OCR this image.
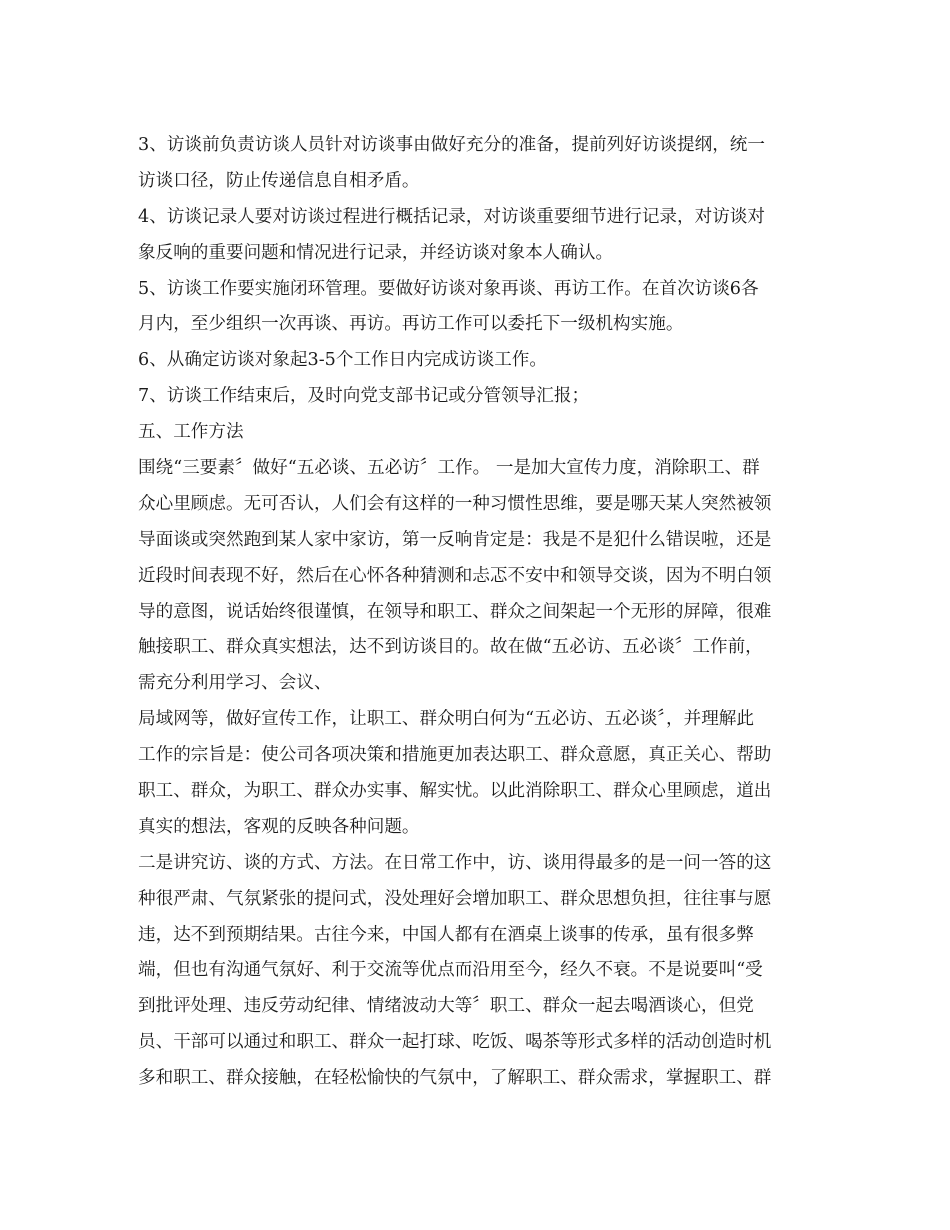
3、访谈前负责访谈人员针对访谈事由做好充分的准备，提前列好访谈提纲，统一
访谈口径，防止传递信息自相矛盾。
4、访谈记录人要对访谈过程进行概括记录，对访谈重要细节进行记录，对访谈对
象反响的重要问题和情况进行记录，并经访谈对象本人确认。
5、访谈工作要实施闭环管理。要做好访谈对象再谈、再访工作。在首次访谈6各
月内，至少组织一次再谈、再访。再访工作可以委托下一级机构实施。
6、从确定访谈对象起3-5个工作日内完成访谈工作。
7、访谈工作结束后，及时向党支部书记或分管领导汇报；
五、工作方法
围绕“三要素〞做好“五必谈、五必访〞工作。 一是加大宣传力度，消除职工、群
众心里顾虑。无可否认，人们会有这样的一种习惯性思维，要是哪天某人突然被领
导面谈或突然跑到某人家中家访，第一反响肯定是：我是不是犯什么错误啦，还是
近段时间表现不好，然后在心怀各种猜测和忐忑不安中和领导交谈，因为不明白领
导的意图，说话始终很谨慎，在领导和职工、群众之间架起一个无形的屏障，很难
触接职工、群众真实想法，达不到访谈目的。故在做“五必访、五必谈〞工作前，
需充分利用学习、会议、
局域网等，做好宣传工作，让职工、群众明白何为“五必访、五必谈〞，并理解此
工作的宗旨是：使公司各项决策和措施更加表达职工、群众意愿，真正关心、帮助
职工、群众，为职工、群众办实事、解实忧。以此消除职工、群众心里顾虑，道出
真实的想法，客观的反映各种问题。
二是讲究访、谈的方式、方法。在日常工作中，访、谈用得最多的是一问一答的这
种很严肃、气氛紧张的提问式，没处理好会增加职工、群众思想负担，往往事与愿
违，达不到预期结果。古往今来，中国人都有在酒桌上谈事的传承，虽有很多弊
端，但也有沟通气氛好、利于交流等优点而沿用至今，经久不衰。不是说要叫“受
到批评处理、违反劳动纪律、情绪波动大等〞职工、群众一起去喝酒谈心，但党
员、干部可以通过和职工、群众一起打球、吃饭、喝茶等形式多样的活动创造时机
多和职工、群众接触，在轻松愉快的气氛中，了解职工、群众需求，掌握职工、群
